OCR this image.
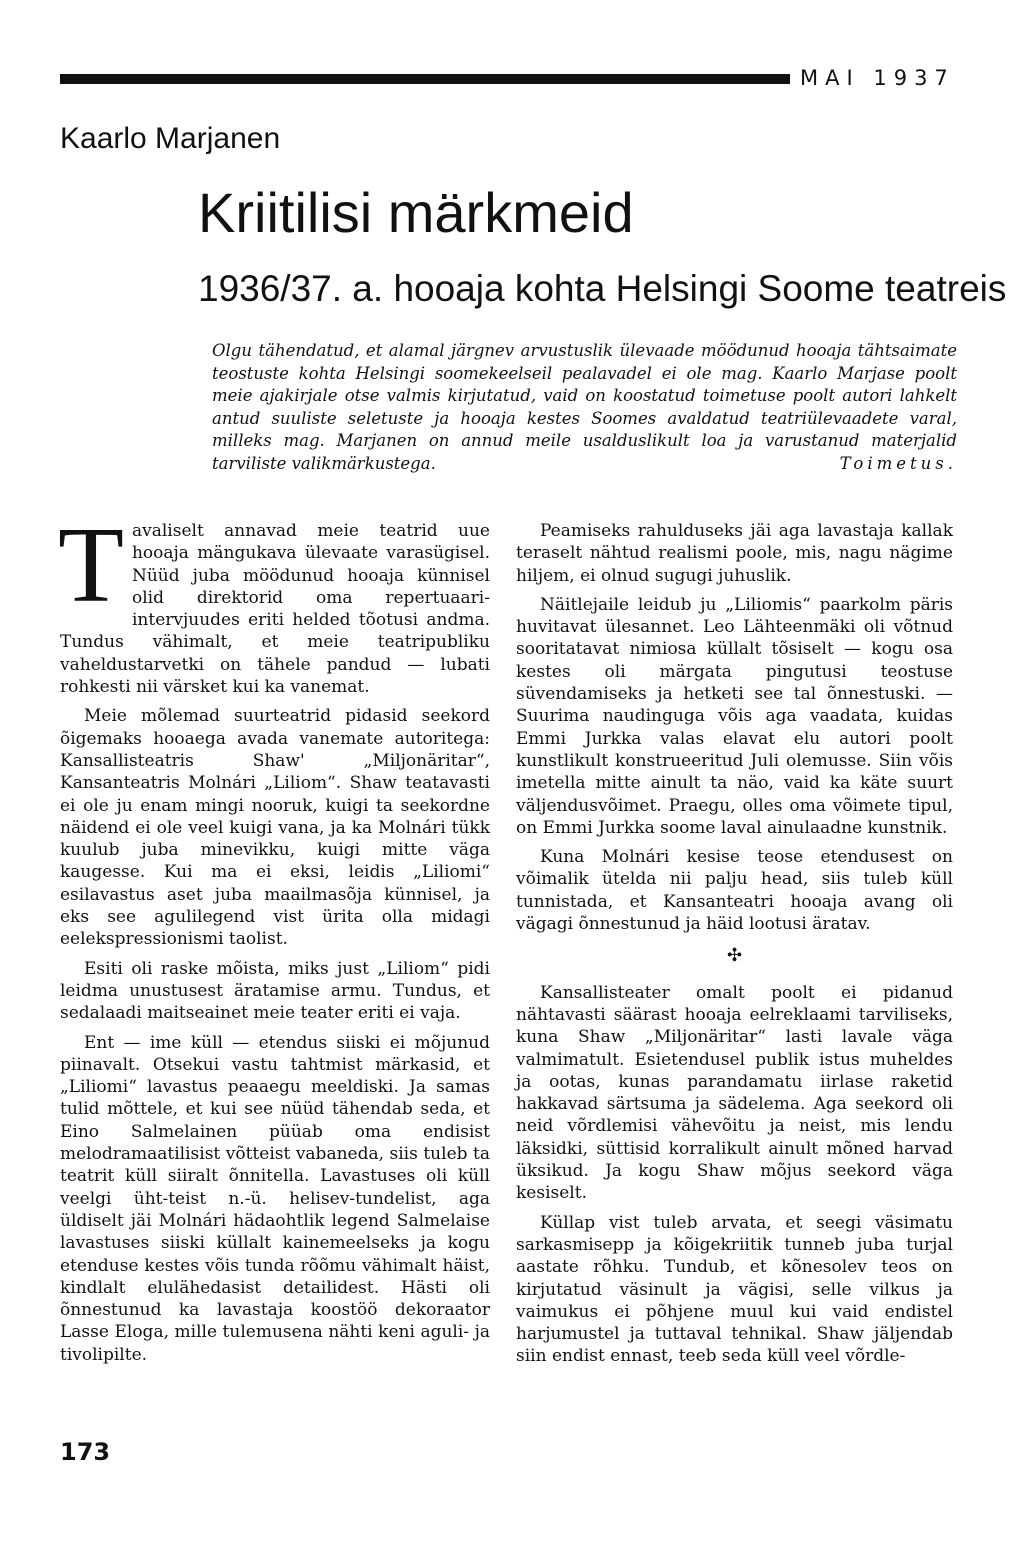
MAI 1937
Kaarlo Marjanen
Kriitilisi märkmeid
1936/37. a. hooaja kohta Helsingi Soome teatreis
Olgu tähendatud, et alamal järgnev arvustuslik ülevaade möödunud hooaja tähtsaimate teostuste kohta Helsingi soomekeelseil pealavadel ei ole mag. Kaarlo Marjase poolt meie ajakirjale otse valmis kirjutatud, vaid on koostatud toimetuse poolt autori lahkelt antud suuliste seletuste ja hooaja kestes Soomes avaldatud teatriülevaadete varal, milleks mag. Marjanen on annud meile usalduslikult loa ja varustanud materjalid tarviliste valikmärkustega.	Toimetus.

Tavaliselt annavad meie teatrid uue hooaja mängukava ülevaate varasügisel. Nüüd juba möödunud hooaja künnisel olid direktorid oma repertuaari-intervjuudes eriti helded tõotusi andma. Tundus vähimalt, et meie teatripubliku vaheldustarvetki on tähele pandud — lubati rohkesti nii värsket kui ka vanemat.

Meie mõlemad suurteatrid pidasid seekord õigemaks hooaega avada vanemate autoritega: Kansallisteatris Shaw' „Miljonäritar“, Kansanteatris Molnári „Liliom“. Shaw teatavasti ei ole ju enam mingi nooruk, kuigi ta seekordne näidend ei ole veel kuigi vana, ja ka Molnári tükk kuulub juba minevikku, kuigi mitte väga kaugesse. Kui ma ei eksi, leidis „Liliomi“ esilavastus aset juba maailmasõja künnisel, ja eks see agulilegend vist ürita olla midagi eelekspressionismi taolist.

Esiti oli raske mõista, miks just „Liliom“ pidi leidma unustusest äratamise armu. Tundus, et sedalaadi maitseainet meie teater eriti ei vaja.

Ent — ime küll — etendus siiski ei mõjunud piinavalt. Otsekui vastu tahtmist märkasid, et „Liliomi“ lavastus peaaegu meeldiski. Ja samas tulid mõttele, et kui see nüüd tähendab seda, et Eino Salmelainen püüab oma endisist melodramaatilisist võtteist vabaneda, siis tuleb ta teatrit küll siiralt õnnitella. Lavastuses oli küll veelgi üht-teist n.-ü. helisev-tundelist, aga üldiselt jäi Molnári hädaohtlik legend Salmelaise lavastuses siiski küllalt kainemeelseks ja kogu etenduse kestes võis tunda rõõmu vähimalt häist, kindlalt elulähedasist detailidest. Hästi oli õnnestunud ka lavastaja koostöö dekoraator Lasse Eloga, mille tulemusena nähti keni aguli- ja tivolipilte.

Peamiseks rahulduseks jäi aga lavastaja kallak teraselt nähtud realismi poole, mis, nagu nägime hiljem, ei olnud sugugi juhuslik.

Näitlejaile leidub ju „Liliomis“ paarkolm päris huvitavat ülesannet. Leo Lähteenmäki oli võtnud sooritatavat nimiosa küllalt tõsiselt — kogu osa kestes oli märgata pingutusi teostuse süvendamiseks ja hetketi see tal õnnestuski. — Suurima naudinguga võis aga vaadata, kuidas Emmi Jurkka valas elavat elu autori poolt kunstlikult konstrueeritud Juli olemusse. Siin võis imetella mitte ainult ta näo, vaid ka käte suurt väljendusvõimet. Praegu, olles oma võimete tipul, on Emmi Jurkka soome laval ainulaadne kunstnik.

Kuna Molnári kesise teose etendusest on võimalik ütelda nii palju head, siis tuleb küll tunnistada, et Kansanteatri hooaja avang oli vägagi õnnestunud ja häid lootusi äratav.

✣

Kansallisteater omalt poolt ei pidanud nähtavasti säärast hooaja eelreklaami tarviliseks, kuna Shaw „Miljonäritar“ lasti lavale väga valmimatult. Esietendusel publik istus muheldes ja ootas, kunas parandamatu iirlase raketid hakkavad särtsuma ja sädelema. Aga seekord oli neid võrdlemisi vähevõitu ja neist, mis lendu läksidki, süttisid korralikult ainult mõned harvad üksikud. Ja kogu Shaw mõjus seekord väga kesiselt.

Küllap vist tuleb arvata, et seegi väsimatu sarkasmisepp ja kõigekriitik tunneb juba turjal aastate rõhku. Tundub, et kõnesolev teos on kirjutatud väsinult ja vägisi, selle vilkus ja vaimukus ei põhjene muul kui vaid endistel harjumustel ja tuttaval tehnikal. Shaw jäljendab siin endist ennast, teeb seda küll veel võrdle-

173
